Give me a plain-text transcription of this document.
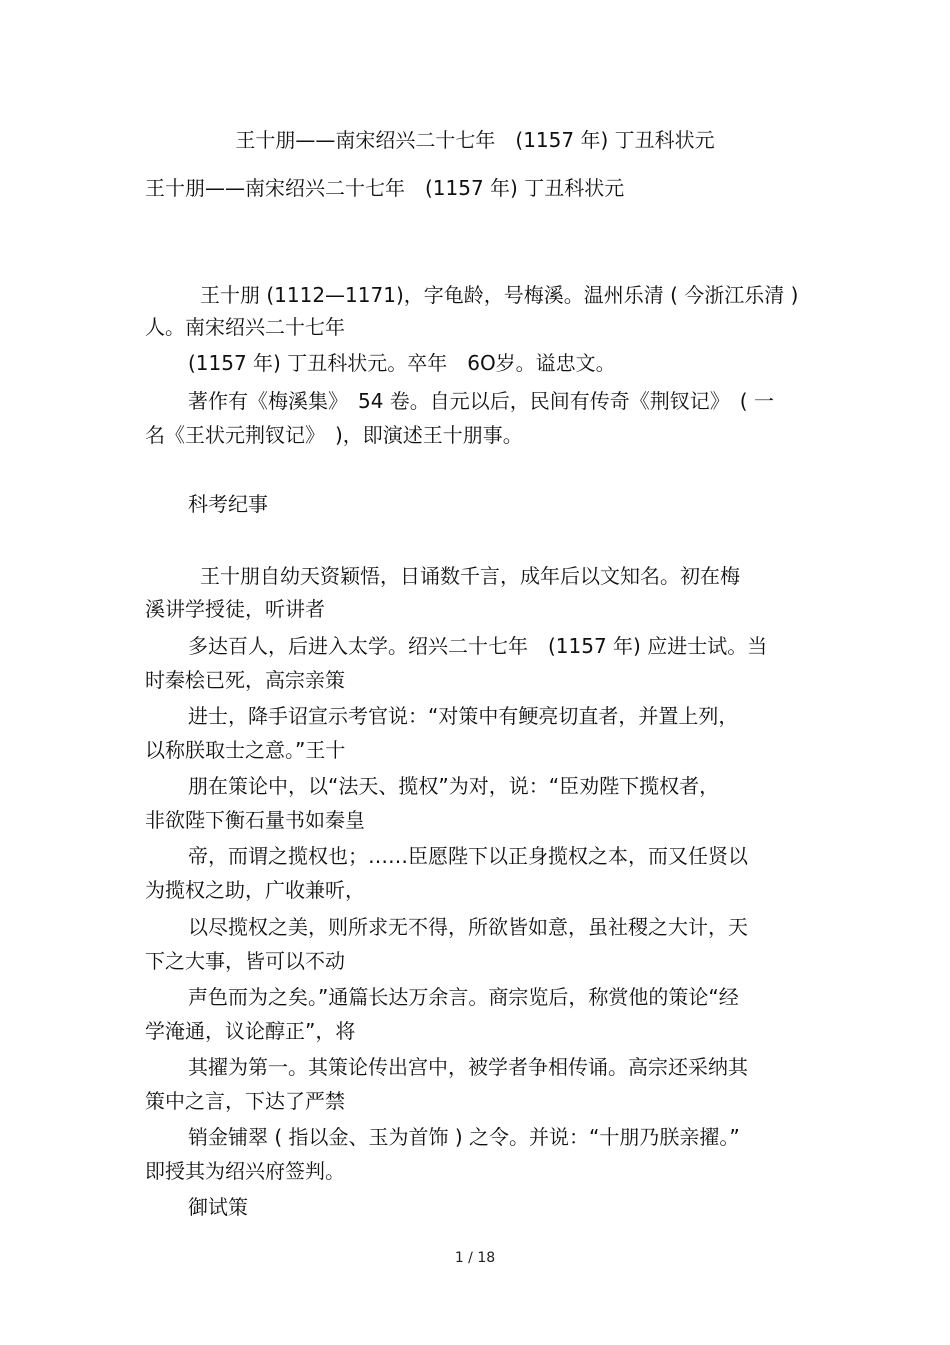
王十朋——南宋绍兴二十七年　(1157 年) 丁丑科状元
王十朋——南宋绍兴二十七年　(1157 年) 丁丑科状元
王十朋 (1112—1171)，字龟龄，号梅溪。温州乐清 ( 今浙江乐清 )
人。南宋绍兴二十七年
(1157 年) 丁丑科状元。卒年　6O岁。谥忠文。
著作有《梅溪集》　54 卷。自元以后，民间有传奇《荆钗记》　( 一
名《王状元荆钗记》　)，即演述王十朋事。
科考纪事
王十朋自幼天资颖悟，日诵数千言，成年后以文知名。初在梅
溪讲学授徒，听讲者
多达百人，后进入太学。绍兴二十七年　(1157 年) 应进士试。当
时秦桧已死，高宗亲策
进士，降手诏宣示考官说：“对策中有鲠亮切直者，并置上列，
以称朕取士之意。”王十
朋在策论中，以“法天、揽权”为对，说：“臣劝陛下揽权者，
非欲陛下衡石量书如秦皇
帝，而谓之揽权也；……臣愿陛下以正身揽权之本，而又任贤以
为揽权之助，广收兼听，
以尽揽权之美，则所求无不得，所欲皆如意，虽社稷之大计，天
下之大事，皆可以不动
声色而为之矣。”通篇长达万余言。商宗览后，称赏他的策论“经
学淹通，议论醇正”，将
其擢为第一。其策论传出宫中，被学者争相传诵。高宗还采纳其
策中之言，下达了严禁
销金铺翠 ( 指以金、玉为首饰 ) 之令。并说：“十朋乃朕亲擢。”
即授其为绍兴府签判。
御试策
1 / 18
